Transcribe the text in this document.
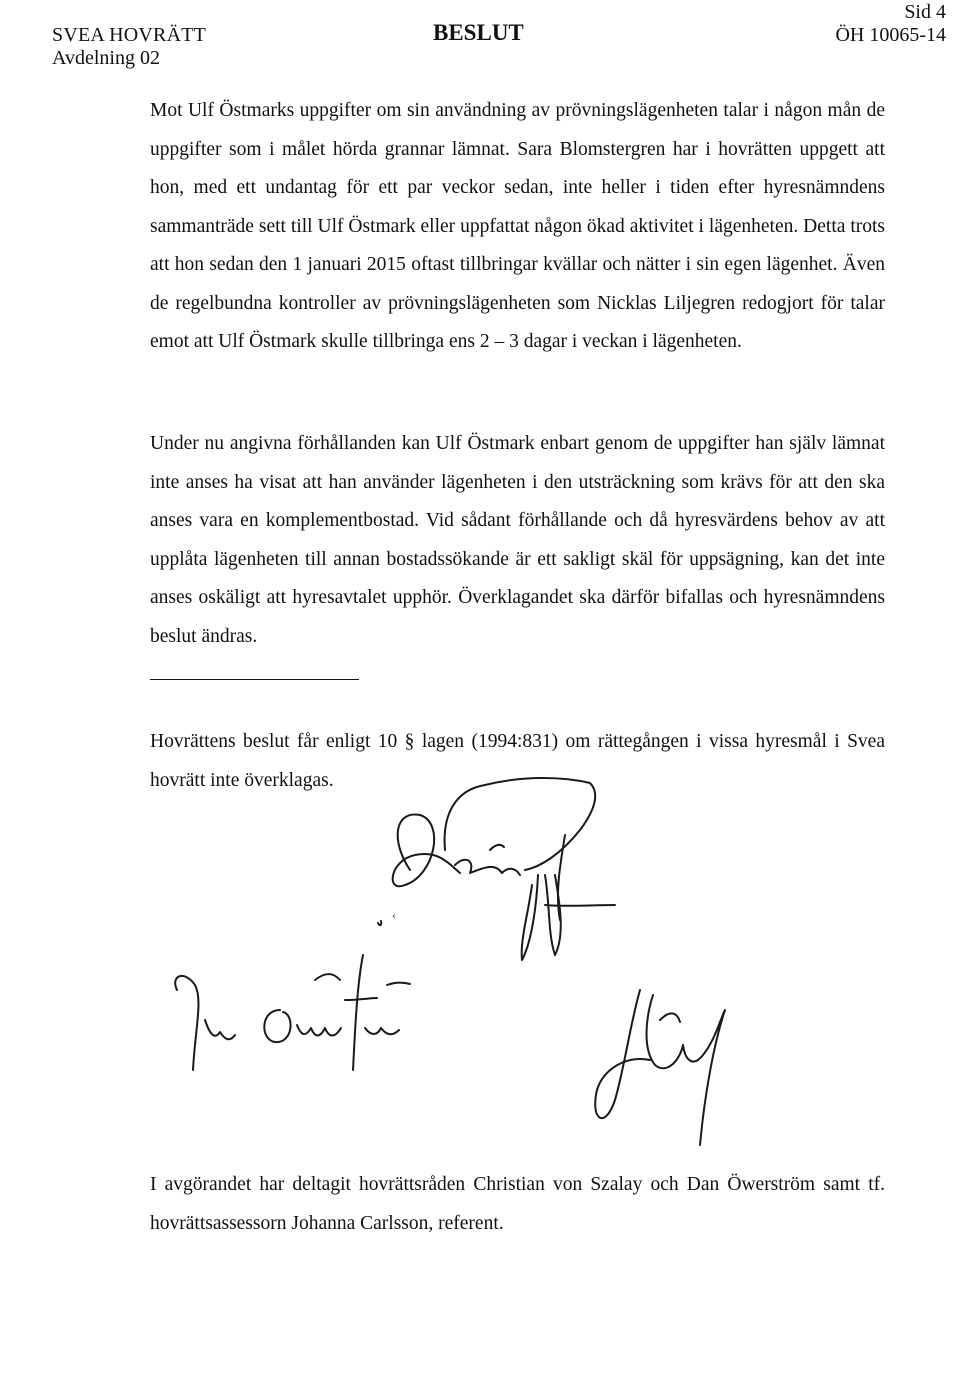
SVEA HOVRÄTT
Avdelning 02
BESLUT
Sid 4
ÖH 10065-14

Mot Ulf Östmarks uppgifter om sin användning av prövningslägenheten talar i någon mån de uppgifter som i målet hörda grannar lämnat. Sara Blomstergren har i hovrätten uppgett att hon, med ett undantag för ett par veckor sedan, inte heller i tiden efter hyresnämndens sammanträde sett till Ulf Östmark eller uppfattat någon ökad aktivitet i lägenheten. Detta trots att hon sedan den 1 januari 2015 oftast tillbringar kvällar och nätter i sin egen lägenhet. Även de regelbundna kontroller av prövningslägenheten som Nicklas Liljegren redogjort för talar emot att Ulf Östmark skulle tillbringa ens 2 – 3 dagar i veckan i lägenheten.

Under nu angivna förhållanden kan Ulf Östmark enbart genom de uppgifter han själv lämnat inte anses ha visat att han använder lägenheten i den utsträckning som krävs för att den ska anses vara en komplementbostad. Vid sådant förhållande och då hyresvärdens behov av att upplåta lägenheten till annan bostadssökande är ett sakligt skäl för uppsägning, kan det inte anses oskäligt att hyresavtalet upphör. Överklagandet ska därför bifallas och hyresnämndens beslut ändras.

Hovrättens beslut får enligt 10 § lagen (1994:831) om rättegången i vissa hyresmål i Svea hovrätt inte överklagas.

‹

I avgörandet har deltagit hovrättsråden Christian von Szalay och Dan Öwerström samt tf. hovrättsassessorn Johanna Carlsson, referent.
